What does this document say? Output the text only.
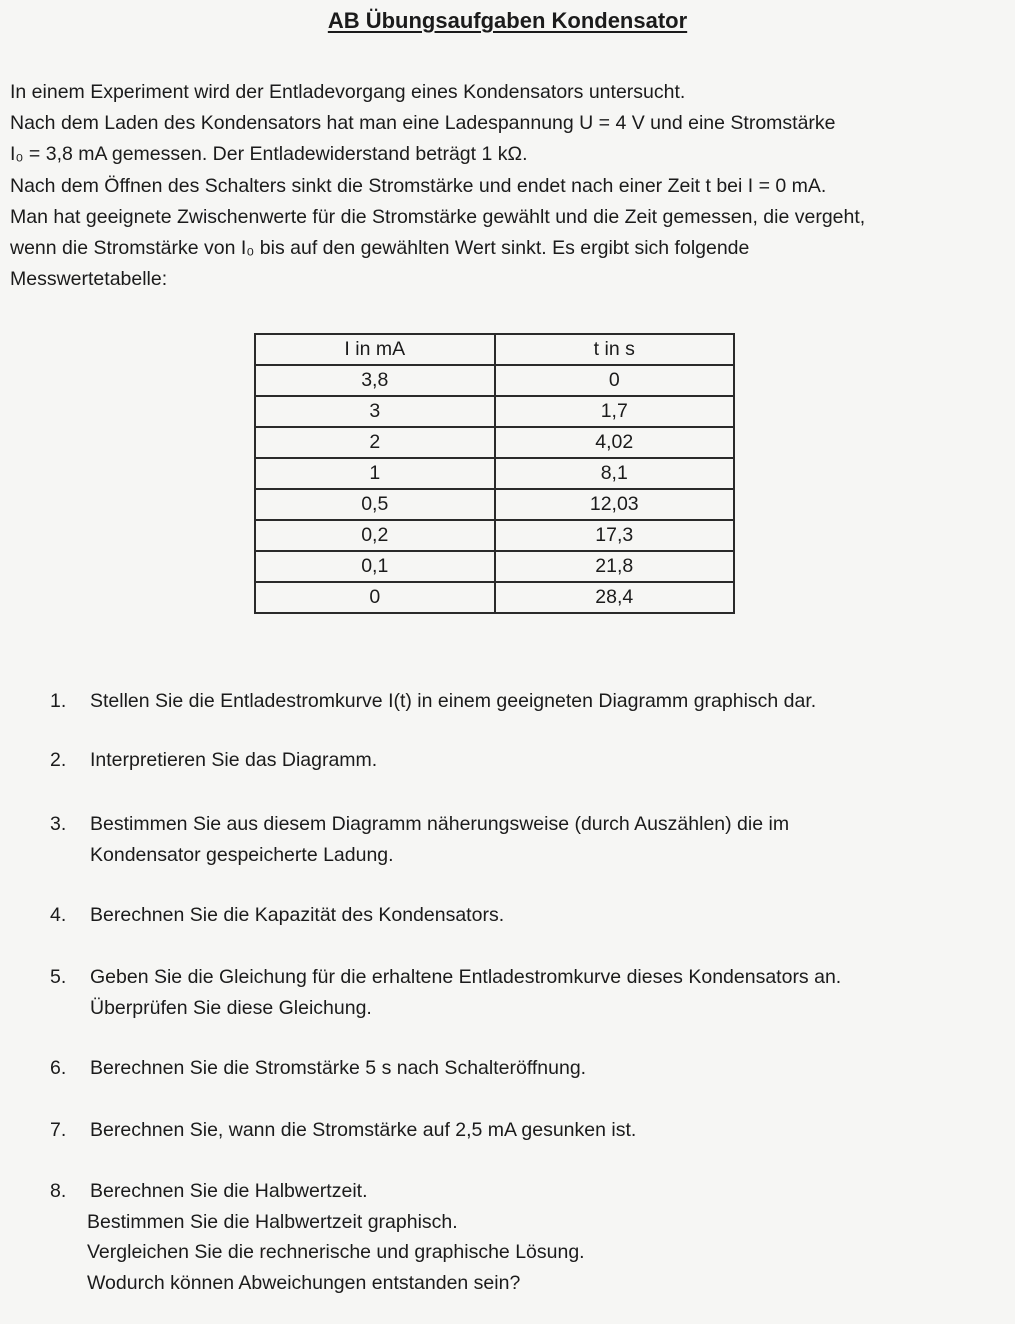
AB Übungsaufgaben Kondensator

In einem Experiment wird der Entladevorgang eines Kondensators untersucht.

Nach dem Laden des Kondensators hat man eine Ladespannung U = 4 V und eine Stromstärke

I₀ = 3,8 mA gemessen. Der Entladewiderstand beträgt 1 kΩ.

Nach dem Öffnen des Schalters sinkt die Stromstärke und endet nach einer Zeit t bei I = 0 mA.

Man hat geeignete Zwischenwerte für die Stromstärke gewählt und die Zeit gemessen, die vergeht,

wenn die Stromstärke von I₀ bis auf den gewählten Wert sinkt. Es ergibt sich folgende

Messwertetabelle:

I in mA	t in s
3,8	0
3	1,7
2	4,02
1	8,1
0,5	12,03
0,2	17,3
0,1	21,8
0	28,4
1.	Stellen Sie die Entladestromkurve I(t) in einem geeigneten Diagramm graphisch dar.
2.	Interpretieren Sie das Diagramm.
3.	Bestimmen Sie aus diesem Diagramm näherungsweise (durch Auszählen) die im
Kondensator gespeicherte Ladung.
4.	Berechnen Sie die Kapazität des Kondensators.
5.	Geben Sie die Gleichung für die erhaltene Entladestromkurve dieses Kondensators an.
Überprüfen Sie diese Gleichung.
6.	Berechnen Sie die Stromstärke 5 s nach Schalteröffnung.
7.	Berechnen Sie, wann die Stromstärke auf 2,5 mA gesunken ist.
8.	Berechnen Sie die Halbwertzeit.
Bestimmen Sie die Halbwertzeit graphisch.
Vergleichen Sie die rechnerische und graphische Lösung.
Wodurch können Abweichungen entstanden sein?
